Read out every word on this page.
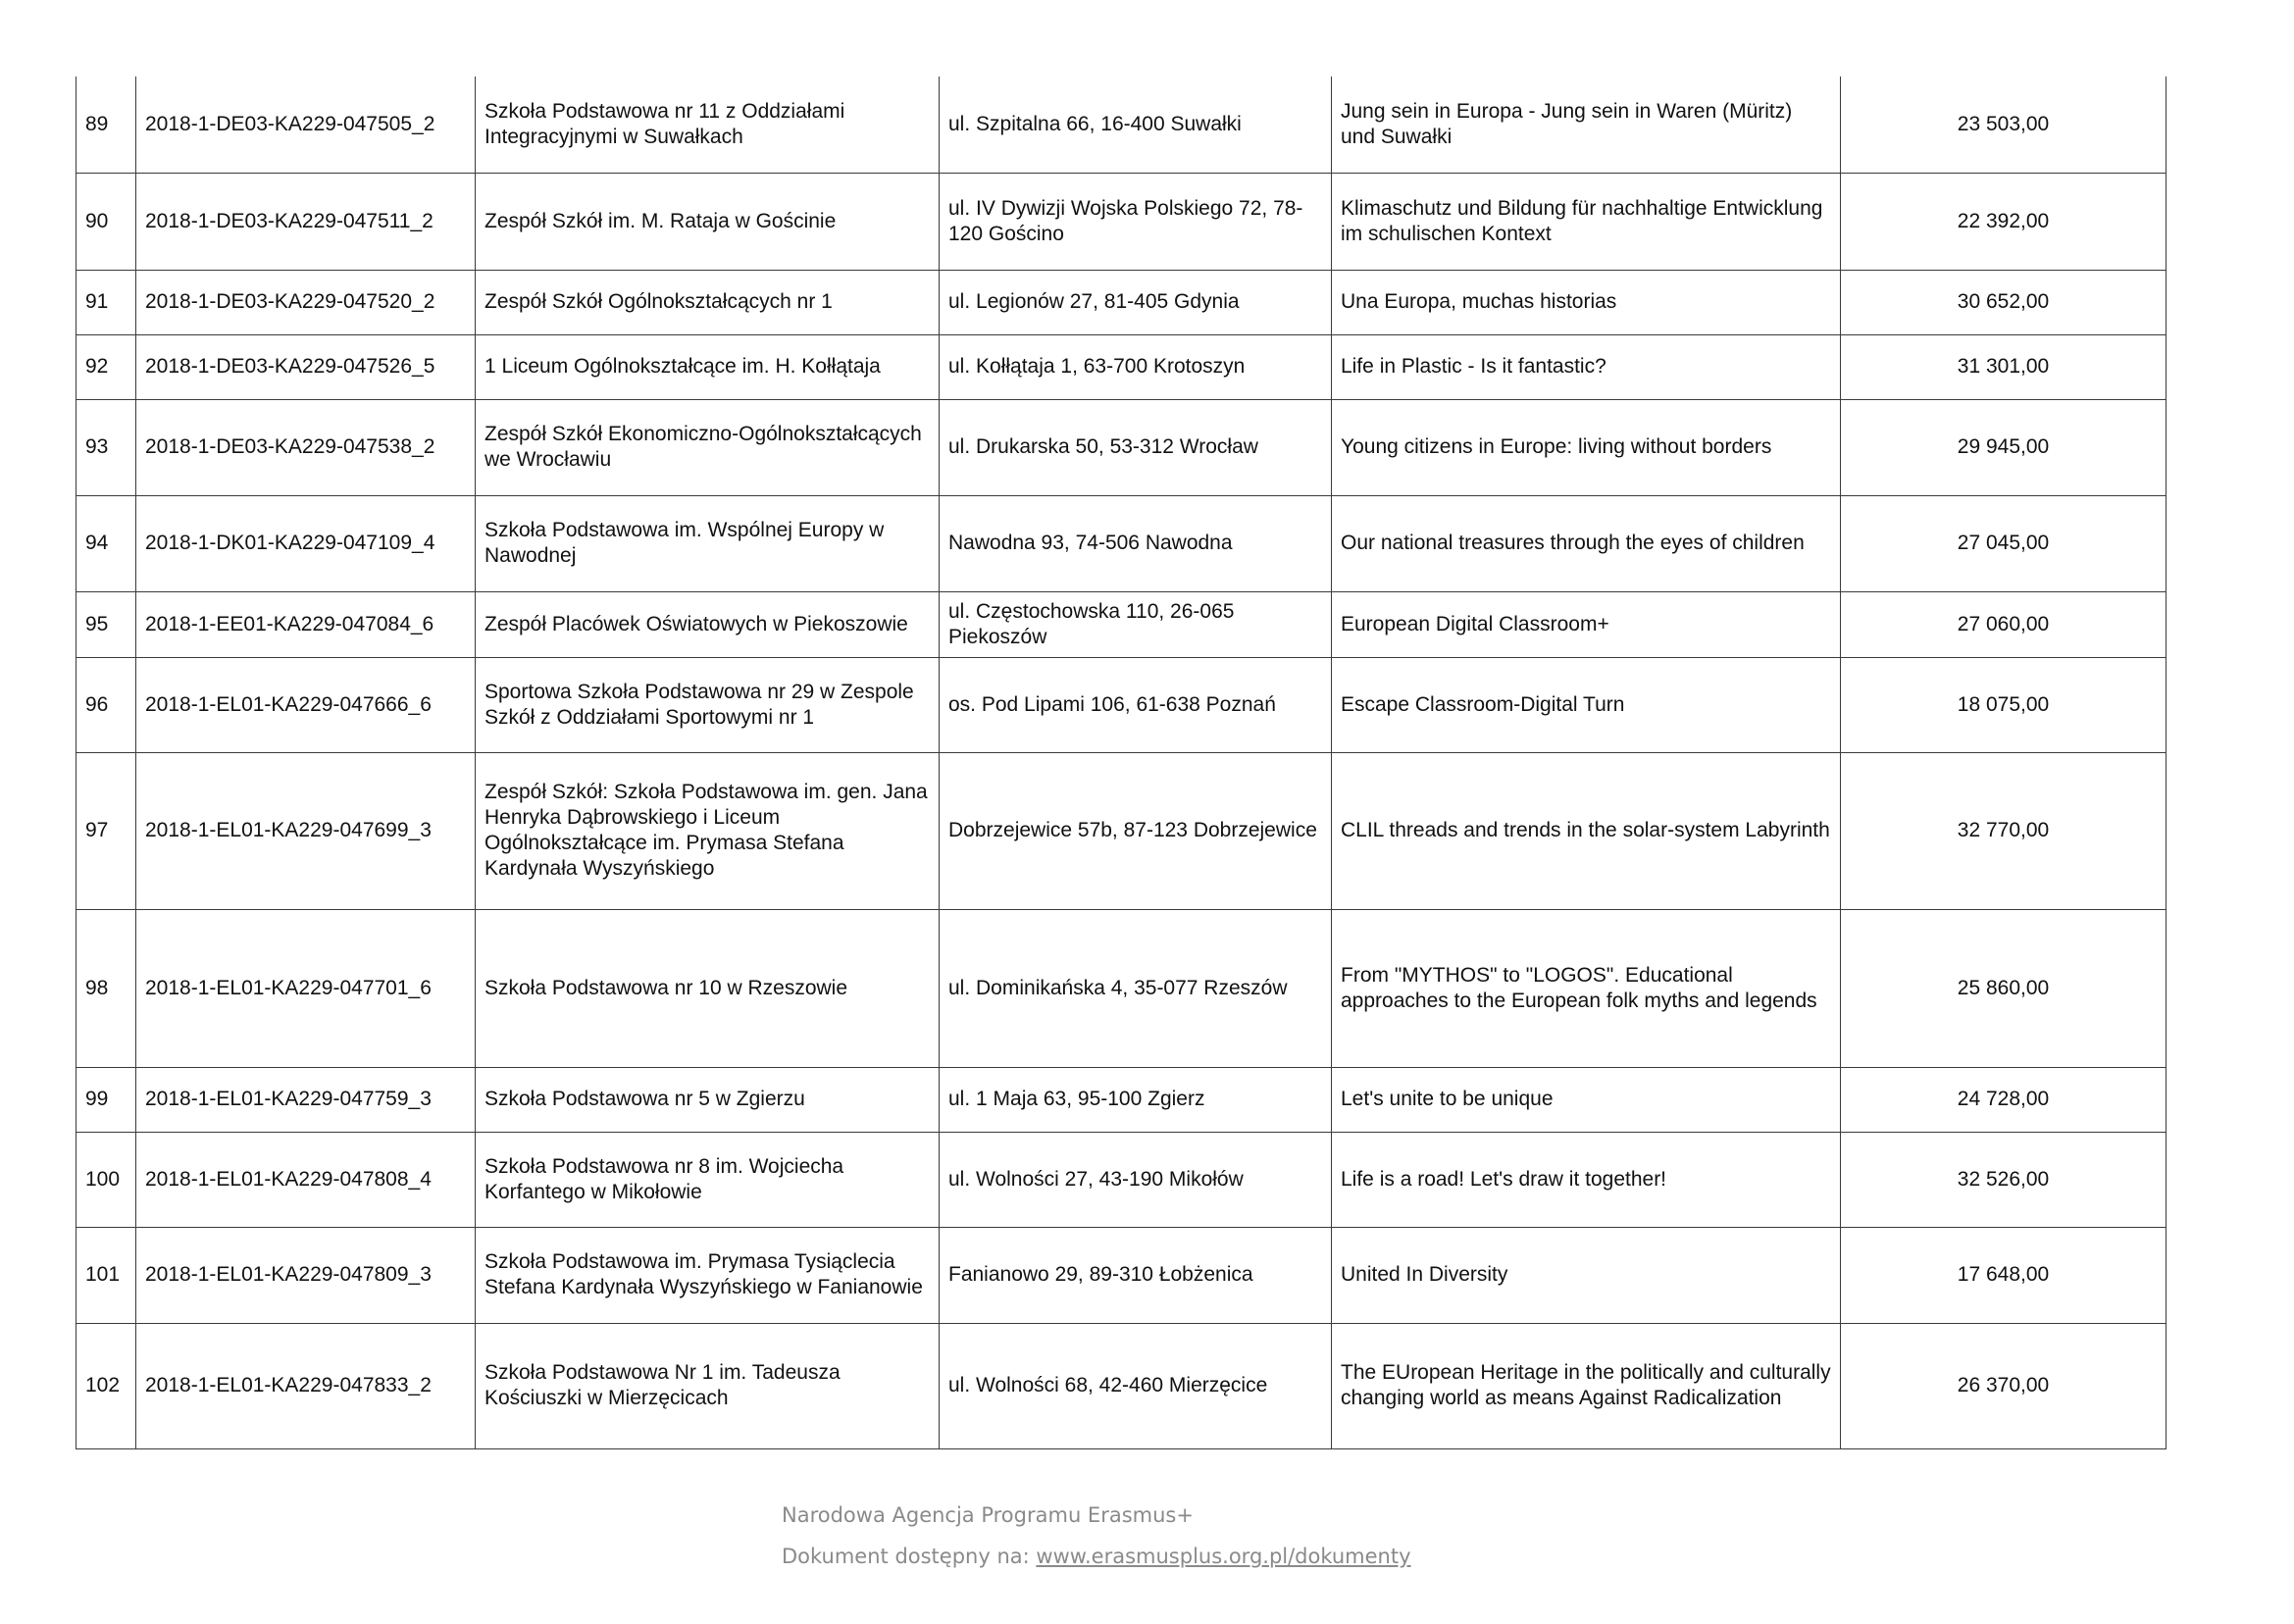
89	2018-1-DE03-KA229-047505_2	Szkoła Podstawowa nr 11 z Oddziałami Integracyjnymi w Suwałkach	ul. Szpitalna 66, 16-400 Suwałki	Jung sein in Europa - Jung sein in Waren (Müritz) und Suwałki	23 503,00
90	2018-1-DE03-KA229-047511_2	Zespół Szkół im. M. Rataja w Gościnie	ul. IV Dywizji Wojska Polskiego 72, 78-120 Gościno	Klimaschutz und Bildung für nachhaltige Entwicklung im schulischen Kontext	22 392,00
91	2018-1-DE03-KA229-047520_2	Zespół Szkół Ogólnokształcących nr 1	ul. Legionów 27, 81-405 Gdynia	Una Europa, muchas historias	30 652,00
92	2018-1-DE03-KA229-047526_5	1 Liceum Ogólnokształcące im. H. Kołłątaja	ul. Kołłątaja 1, 63-700 Krotoszyn	Life in Plastic - Is it fantastic?	31 301,00
93	2018-1-DE03-KA229-047538_2	Zespół Szkół Ekonomiczno-Ogólnokształcących we Wrocławiu	ul. Drukarska 50, 53-312 Wrocław	Young citizens in Europe: living without borders	29 945,00
94	2018-1-DK01-KA229-047109_4	Szkoła Podstawowa im. Wspólnej Europy w Nawodnej	Nawodna 93, 74-506 Nawodna	Our national treasures through the eyes of children	27 045,00
95	2018-1-EE01-KA229-047084_6	Zespół Placówek Oświatowych w Piekoszowie	ul. Częstochowska 110, 26-065 Piekoszów	European Digital Classroom+	27 060,00
96	2018-1-EL01-KA229-047666_6	Sportowa Szkoła Podstawowa nr 29 w Zespole Szkół z Oddziałami Sportowymi nr 1	os. Pod Lipami 106, 61-638 Poznań	Escape Classroom-Digital Turn	18 075,00
97	2018-1-EL01-KA229-047699_3	Zespół Szkół: Szkoła Podstawowa im. gen. Jana Henryka Dąbrowskiego i Liceum Ogólnokształcące im. Prymasa Stefana Kardynała Wyszyńskiego	Dobrzejewice 57b, 87-123 Dobrzejewice	CLIL threads and trends in the solar-system Labyrinth	32 770,00
98	2018-1-EL01-KA229-047701_6	Szkoła Podstawowa nr 10 w Rzeszowie	ul. Dominikańska 4, 35-077 Rzeszów	From "MYTHOS" to "LOGOS". Educational approaches to the European folk myths and legends	25 860,00
99	2018-1-EL01-KA229-047759_3	Szkoła Podstawowa nr 5 w Zgierzu	ul. 1 Maja 63, 95-100 Zgierz	Let's unite to be unique	24 728,00
100	2018-1-EL01-KA229-047808_4	Szkoła Podstawowa nr 8 im. Wojciecha Korfantego w Mikołowie	ul. Wolności 27, 43-190 Mikołów	Life is a road! Let's draw it together!	32 526,00
101	2018-1-EL01-KA229-047809_3	Szkoła Podstawowa im. Prymasa Tysiąclecia Stefana Kardynała Wyszyńskiego w Fanianowie	Fanianowo 29, 89-310 Łobżenica	United In Diversity	17 648,00
102	2018-1-EL01-KA229-047833_2	Szkoła Podstawowa Nr 1 im. Tadeusza Kościuszki w Mierzęcicach	ul. Wolności 68, 42-460 Mierzęcice	The EUropean Heritage in the politically and culturally changing world as means Against Radicalization	26 370,00
Narodowa Agencja Programu Erasmus+
Dokument dostępny na: www.erasmusplus.org.pl/dokumenty
